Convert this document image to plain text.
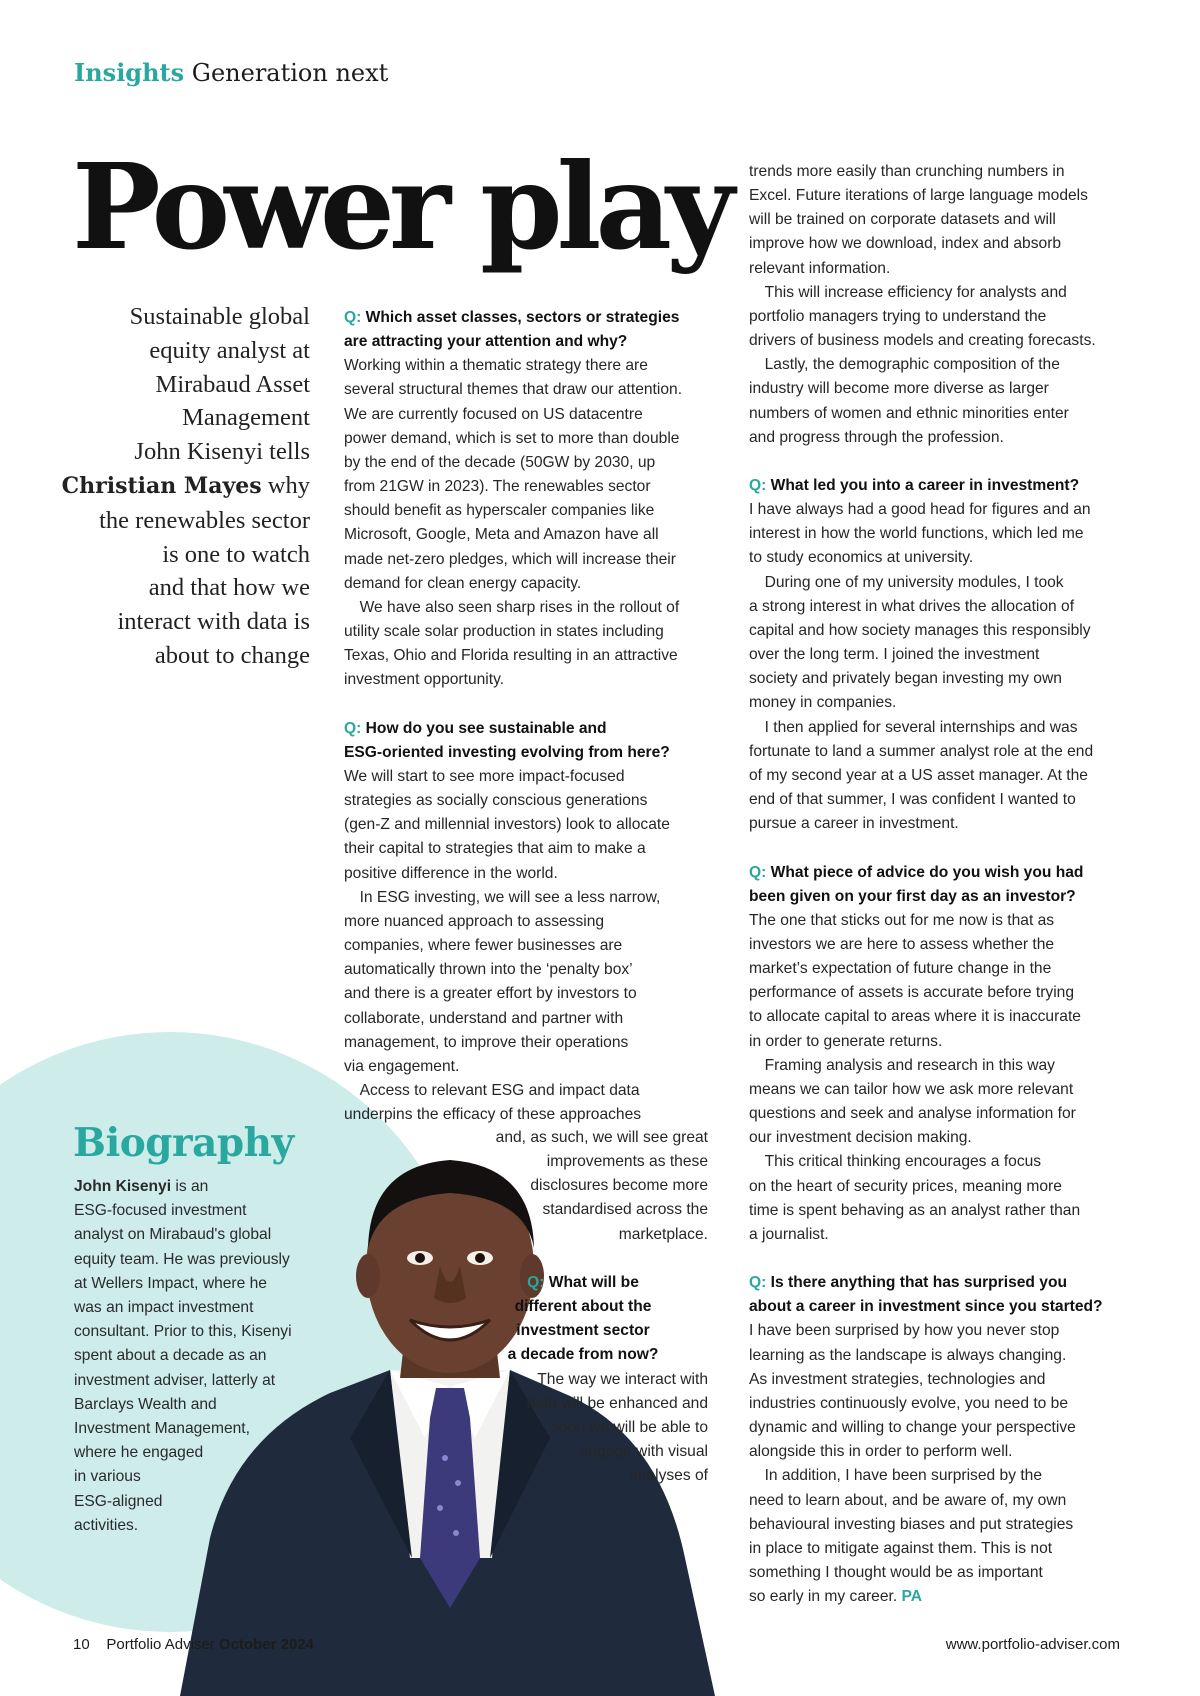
Insights Generation next
Power play
Sustainable global
equity analyst at
Mirabaud Asset
Management
John Kisenyi tells
Christian Mayes why
the renewables sector
is one to watch
and that how we
interact with data is
about to change
Biography
John Kisenyi is an
ESG-focused investment
analyst on Mirabaud's global
equity team. He was previously
at Wellers Impact, where he
was an impact investment
consultant. Prior to this, Kisenyi
spent about a decade as an
investment adviser, latterly at
Barclays Wealth and
Investment Management,
where he engaged
in various
ESG-aligned
activities.
Q: Which asset classes, sectors or strategies
are attracting your attention and why?
Working within a thematic strategy there are
several structural themes that draw our attention.
We are currently focused on US datacentre
power demand, which is set to more than double
by the end of the decade (50GW by 2030, up
from 21GW in 2023). The renewables sector
should benefit as hyperscaler companies like
Microsoft, Google, Meta and Amazon have all
made net-zero pledges, which will increase their
demand for clean energy capacity.
 We have also seen sharp rises in the rollout of
utility scale solar production in states including
Texas, Ohio and Florida resulting in an attractive
investment opportunity.
Q: How do you see sustainable and
ESG-oriented investing evolving from here?
We will start to see more impact-focused
strategies as socially conscious generations
(gen-Z and millennial investors) look to allocate
their capital to strategies that aim to make a
positive difference in the world.
 In ESG investing, we will see a less narrow,
more nuanced approach to assessing
companies, where fewer businesses are
automatically thrown into the ‘penalty box’
and there is a greater effort by investors to
collaborate, understand and partner with
management, to improve their operations
via engagement.
 Access to relevant ESG and impact data
underpins the efficacy of these approaches
and, as such, we will see great
improvements as these
disclosures become more
standardised across the
marketplace.
Q: What will be
different about the
investment sector
a decade from now?
The way we interact with
data will be enhanced and
soon we will be able to
engage with visual
analyses of
trends more easily than crunching numbers in
Excel. Future iterations of large language models
will be trained on corporate datasets and will
improve how we download, index and absorb
relevant information.
 This will increase efficiency for analysts and
portfolio managers trying to understand the
drivers of business models and creating forecasts.
 Lastly, the demographic composition of the
industry will become more diverse as larger
numbers of women and ethnic minorities enter
and progress through the profession.
Q: What led you into a career in investment?
I have always had a good head for figures and an
interest in how the world functions, which led me
to study economics at university.
 During one of my university modules, I took
a strong interest in what drives the allocation of
capital and how society manages this responsibly
over the long term. I joined the investment
society and privately began investing my own
money in companies.
 I then applied for several internships and was
fortunate to land a summer analyst role at the end
of my second year at a US asset manager. At the
end of that summer, I was confident I wanted to
pursue a career in investment.
Q: What piece of advice do you wish you had
been given on your first day as an investor?
The one that sticks out for me now is that as
investors we are here to assess whether the
market’s expectation of future change in the
performance of assets is accurate before trying
to allocate capital to areas where it is inaccurate
in order to generate returns.
 Framing analysis and research in this way
means we can tailor how we ask more relevant
questions and seek and analyse information for
our investment decision making.
 This critical thinking encourages a focus
on the heart of security prices, meaning more
time is spent behaving as an analyst rather than
a journalist.
Q: Is there anything that has surprised you
about a career in investment since you started?
I have been surprised by how you never stop
learning as the landscape is always changing.
As investment strategies, technologies and
industries continuously evolve, you need to be
dynamic and willing to change your perspective
alongside this in order to perform well.
 In addition, I have been surprised by the
need to learn about, and be aware of, my own
behavioural investing biases and put strategies
in place to mitigate against them. This is not
something I thought would be as important
so early in my career. PA
10 Portfolio Adviser October 2024	www.portfolio-adviser.com
